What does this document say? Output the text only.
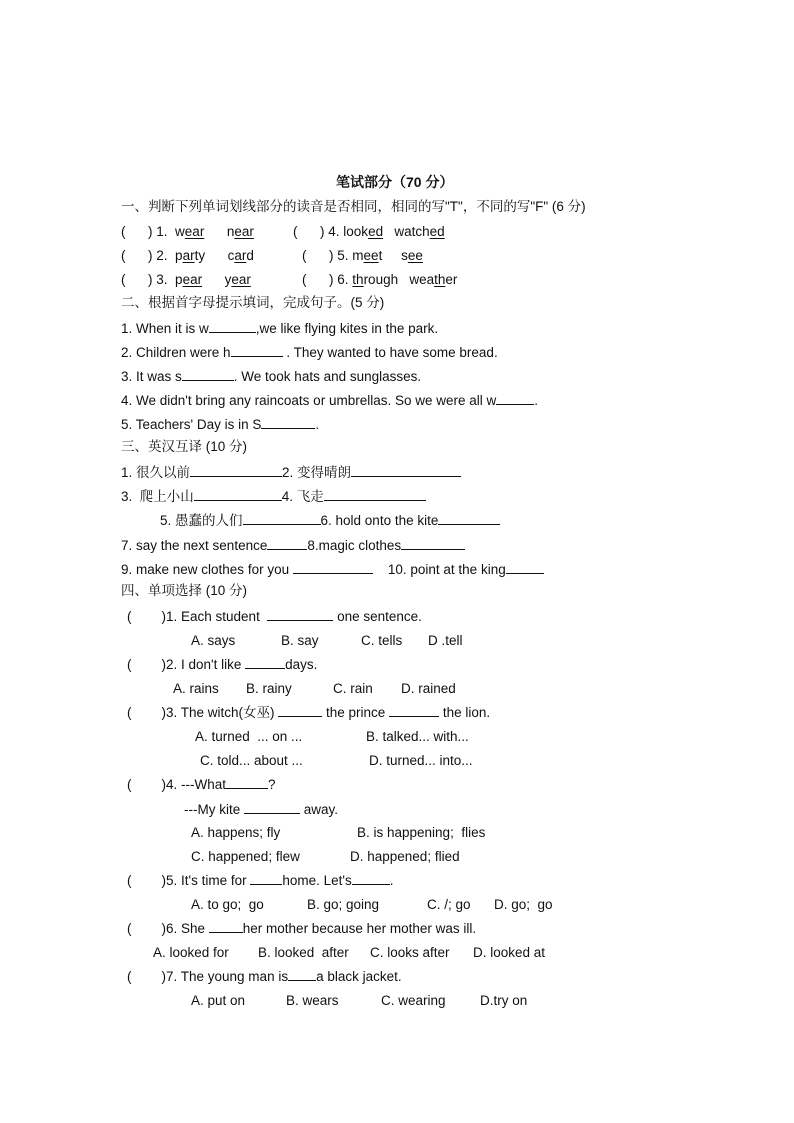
笔试部分（70 分）
一、判断下列单词划线部分的读音是否相同，相同的写"T"，不同的写"F" (6 分)
(      ) 1. wear near	(      ) 4. looked watched
(      ) 2. party card	(      ) 5. meet see
(      ) 3. pear year	(      ) 6. through weather
二、根据首字母提示填词，完成句子。(5 分)
1. When it is w	,we like flying kites in the park.
2. Children were h	. They wanted to have some bread.
3. It was s	. We took hats and sunglasses.
4. We didn't bring any raincoats or umbrellas. So we were all w	.
5. Teachers' Day is in S	.
三、英汉互译 (10 分)
1. 很久以前	2. 变得晴朗
3.  爬上小山	4. 飞走
5. 愚蠢的人们	6. hold onto the kite
7. say the next sentence	8.magic clothes
9. make new clothes for you	10. point at the king
四、单项选择 (10 分)
(        )1. Each student	one sentence.
A. says	B. say	C. tells D .tell
(        )2. I don't like	days.
A. rains B. rainy	C. rain D. rained
(        )3. The witch(女巫)	the prince	the lion.
A. turned  ... on ...	B. talked... with...
C. told... about ...	D. turned... into...
(        )4. ---What	?
---My kite	away.
A. happens; fly	B. is happening;  flies
C. happened; flew	D. happened; flied
(        )5. It's time for home. Let's	.
A. to go;  go	B. go; going	C. /; go D. go;  go
(        )6. She	her mother because her mother was ill.
A. looked for B. looked  after C. looks after D. looked at
(        )7. The young man is a black jacket.
A. put on	B. wears	C. wearing	D.try on
